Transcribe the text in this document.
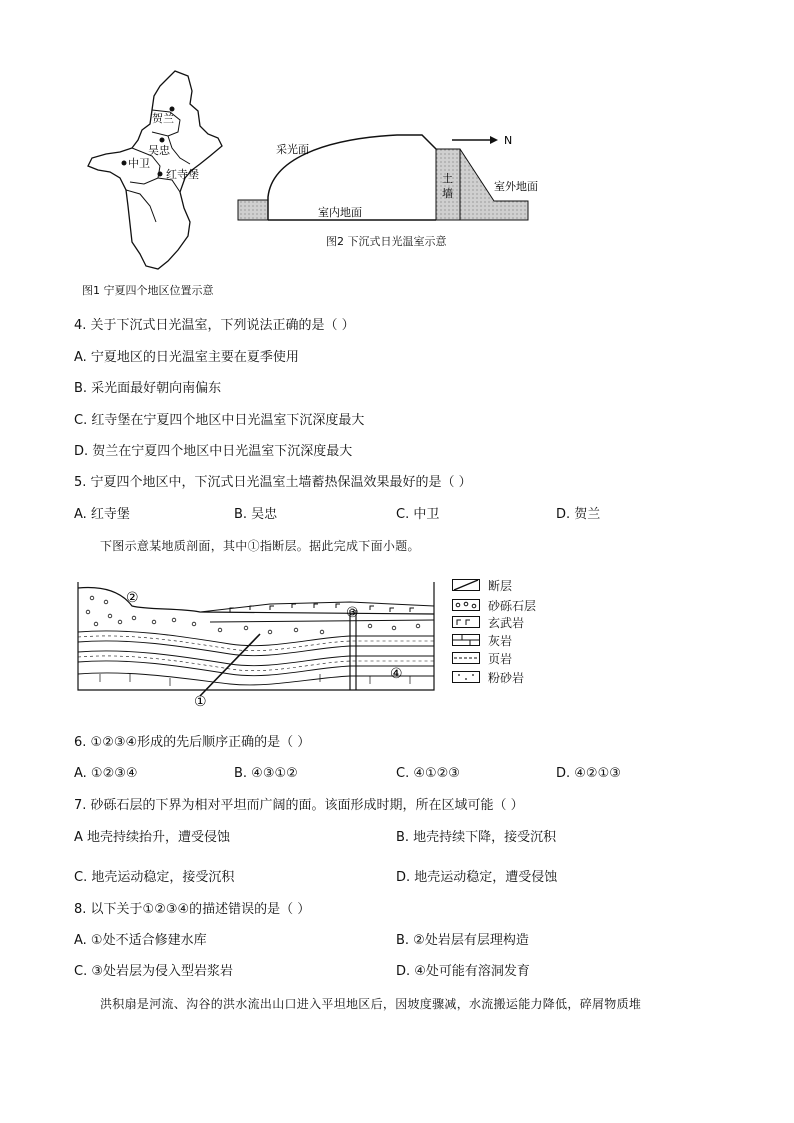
贺兰
吴忠
中卫
红寺堡
图1 宁夏四个地区位置示意
N
采光面
土
墙
室外地面
室内地面
图2 下沉式日光温室示意
4. 关于下沉式日光温室，下列说法正确的是（ ）
A. 宁夏地区的日光温室主要在夏季使用
B. 采光面最好朝向南偏东
C. 红寺堡在宁夏四个地区中日光温室下沉深度最大
D. 贺兰在宁夏四个地区中日光温室下沉深度最大
5. 宁夏四个地区中，下沉式日光温室土墙蓄热保温效果最好的是（ ）
A. 红寺堡	B. 吴忠	C. 中卫	D. 贺兰
下图示意某地质剖面，其中①指断层。据此完成下面小题。
②
③
④
①
断层
砂砾石层
玄武岩
灰岩
页岩
粉砂岩
6. ①②③④形成的先后顺序正确的是（ ）
A. ①②③④	B. ④③①②	C. ④①②③	D. ④②①③
7. 砂砾石层的下界为相对平坦而广阔的面。该面形成时期，所在区域可能（ ）
A 地壳持续抬升，遭受侵蚀	B. 地壳持续下降，接受沉积
C. 地壳运动稳定，接受沉积	D. 地壳运动稳定，遭受侵蚀
8. 以下关于①②③④的描述错误的是（ ）
A. ①处不适合修建水库	B. ②处岩层有层理构造
C. ③处岩层为侵入型岩浆岩	D. ④处可能有溶洞发育
洪积扇是河流、沟谷的洪水流出山口进入平坦地区后，因坡度骤减，水流搬运能力降低，碎屑物质堆
